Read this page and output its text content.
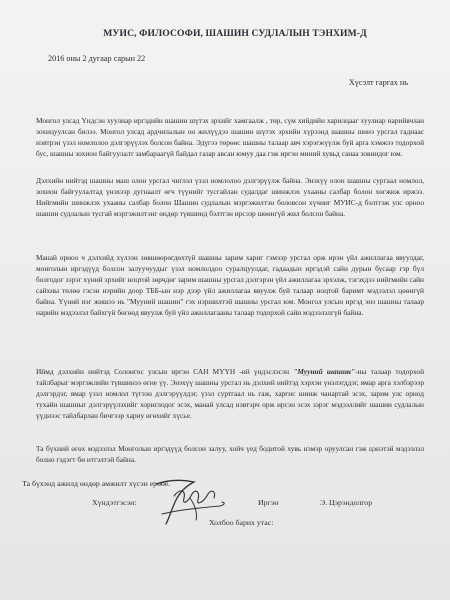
МУИС, ФИЛОСОФИ, ШАШИН СУДЛАЛЫН ТЭНХИМ-Д
2016 оны 2 дугаар сарын 22
Хүсэлт гаргах нь

Монгол улсад Үндсэн хуулиар иргэдийн шашин шүтэх эрхийг хамгаалж , төр, сүм хийдийн харилцааг хуулиар нарийвчлан зохицуулсан билээ. Монгол улсад ардчилалын он жилүүдээ шашин шүтэх эрхийн хүрээнд шашны шинэ урсгал гаднаас нэвтрэн үзэл номлолоо дэлгэрүүлэх болсон байна. Эдүгээ төрөөс шашны талаар авч хэрэгжүүлж буй арга хэмжээ тодорхой бус, шашны зохион байгуулалт замбараагүй байдал газар авсан юмуу даа гэж иргэн миний хувьд санаа зовнидог юм.

Дэлхийн нийтэд шашны маш олон урсгал чиглэл үзэл номлолоо дэлгэрүүлж байна. Энэхүү олон шашны сургаал номлол, зохион байгуулалтад үнэхээр дугнаалт өгч түүнийг тусгайлан судалдаг шинжлэх ухааны салбар болон хөгжиж иржээ. Нийгмийн шинжлэх ухааны салбар болон Шашин судлалын мэргэжилтэн боловсон хүчниг МУИС-д бэлтгэж улс орноо шашин судлалын тусгай мэргэжилтэнг өндөр түвшинд бэлтгэн ирсээр шөөнгүй жил болсон байна.

Манай орноо ч дэлхийд хүлээн зөвшөөрөгдөхтүй шашны зарим хариг гэмээр урсгал орж ирэн үйл ажиллагаа явуулдаг, монголын иргэдүүд болсон залуучуудыг үзэл номлолдоо суралцуулдаг, гадаадын иргэдэй сайн дурын бусаар гэр бүл болгодог зэрэг хүний эрхийг ноцтой зөрчдөг зарим шашны урсгал дэлгэрэн үйл ажиллагаа эрхэлж, тэгэхдээ нийгмийн сайн сайхны төлөө гэсэн нэрийн доор ТББ-ын нэр дээр үйл ажиллагаа явуулж буй талаар ноцтой баримт мэдээлэл цөөнгүй байна. Үүний нэг жишээ нь "Мууний шашин" гэх нэршилтэй шашны урсгал юм. Монгол улсын иргэд энэ шашны талаар нарийн мэдээлэл байхгүй бөгөөд явуулж буй үйл ажиллагааны талаар тодорхой сайн мэдээлэлгүй байна.

Иймд дэлхийн нийтэд Солонгос улсын иргэн САН МҮҮН -ий үндэслэсэн "Мууний шашин"-ны талаар тодорхой тайлбарыг мэргэжлийн түвшинээ өгне үү. Энэхүү шашны урсгал нь дэлхий нийтэд хэрхэн үнэлэгддэг, ямар арга хэлбэрээр дэлгэрдэг, ямар үзэл номлол түгээн дэлгэрүүлдэг, үзэл суртгаал нь гаж, харгис шинж чанартай эсэх, зарим улс орнод тухайн шашныг дэлгэрүүлэхийг хориглодог эсэх, манай улсад нэвтэрч орж ирсэн эсэх зэрэг мэдээллийг шашин судлалын үүднээс тайлбарлан бичгээр хариу өгөхийг хүсье.

Та бүхний өгөх мэдээлэл Монголын иргэдүүд болсон залуу, хойч үед бодитой хувь нэмэр оруулсан гэж цэнэтэй мэдээлэл болно гэдэгт би итгэлтэй байна.

Та бүхэнд ажилд өндөр амжилт хүсэн ерөөе.
Хүндэтгэсэн:	Иргэн	Э. Цэрэндолгор
Холбоо барих утас:
